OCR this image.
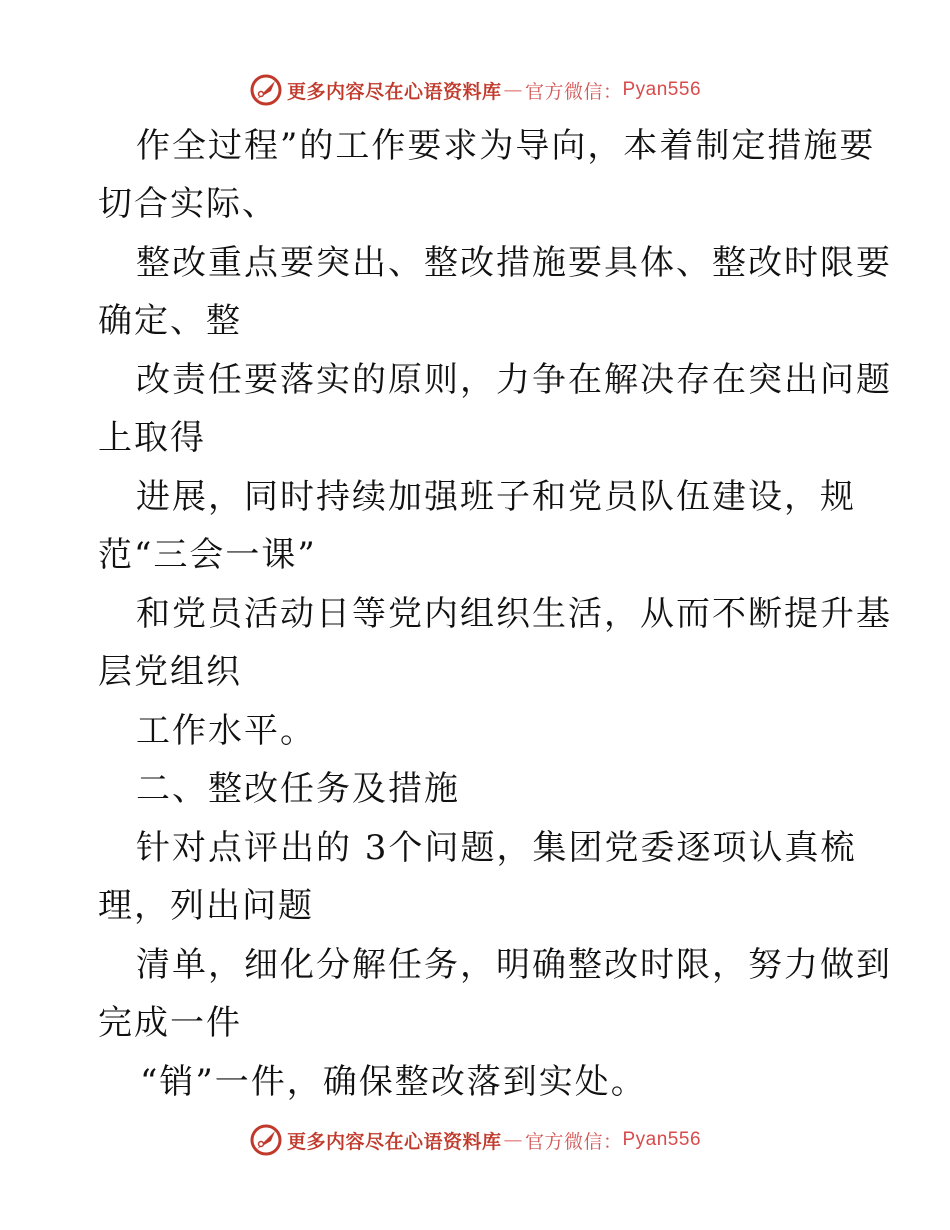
更多内容尽在心语资料库 — 官方微信： Pyan556
作全过程”的工作要求为导向，本着制定措施要
切合实际、
整改重点要突出、整改措施要具体、整改时限要
确定、整
改责任要落实的原则，力争在解决存在突出问题
上取得
进展，同时持续加强班子和党员队伍建设，规
范“三会一课”
和党员活动日等党内组织生活，从而不断提升基
层党组织
工作水平。
二、整改任务及措施
针对点评出的 3个问题，集团党委逐项认真梳
理，列出问题
清单，细化分解任务，明确整改时限，努力做到
完成一件
“销”一件，确保整改落到实处。
更多内容尽在心语资料库 — 官方微信： Pyan556
